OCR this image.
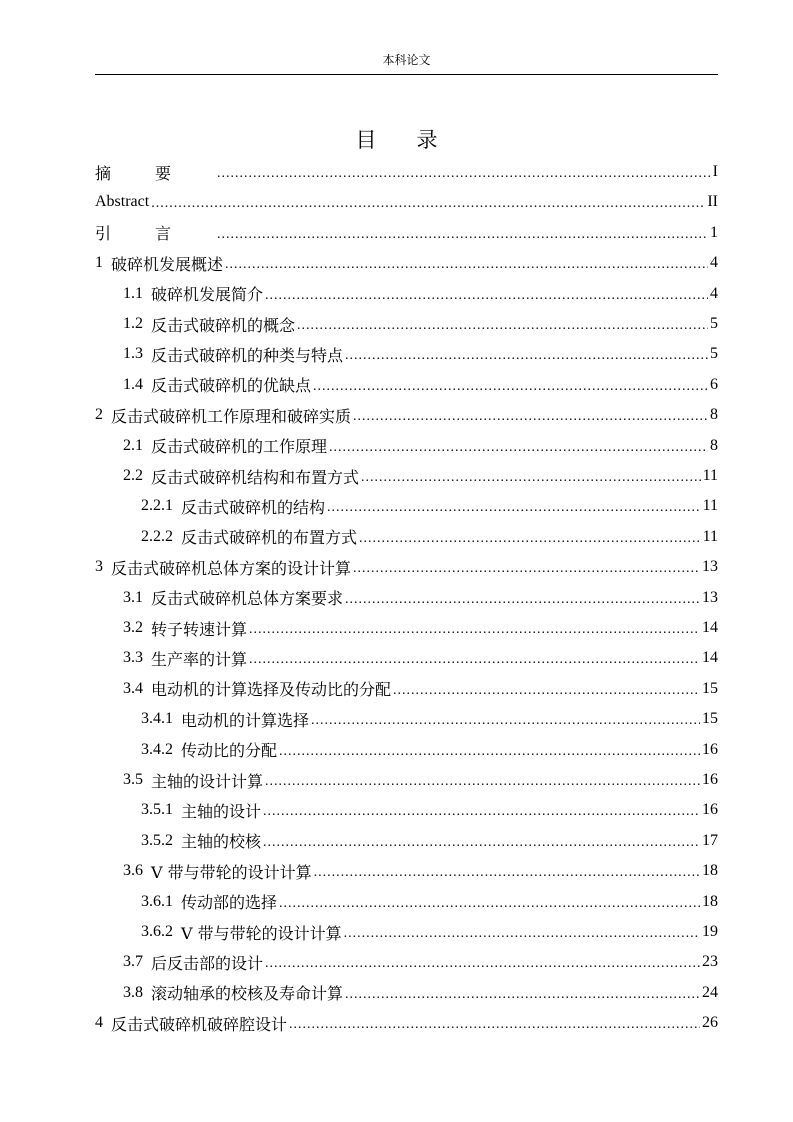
本科论文
目录
摘要 .....	I
Abstract .....	II
引言 .....	1
1 破碎机发展概述 .....	4
1.1 破碎机发展简介 .....	4
1.2 反击式破碎机的概念 .....	5
1.3 反击式破碎机的种类与特点 .....	5
1.4 反击式破碎机的优缺点 .....	6
2 反击式破碎机工作原理和破碎实质 .....	8
2.1 反击式破碎机的工作原理 .....	8
2.2 反击式破碎机结构和布置方式 .....	11
2.2.1 反击式破碎机的结构 .....	11
2.2.2 反击式破碎机的布置方式 .....	11
3 反击式破碎机总体方案的设计计算 .....	13
3.1 反击式破碎机总体方案要求 .....	13
3.2 转子转速计算 .....	14
3.3 生产率的计算 .....	14
3.4 电动机的计算选择及传动比的分配 .....	15
3.4.1 电动机的计算选择 .....	15
3.4.2 传动比的分配 .....	16
3.5 主轴的设计计算 .....	16
3.5.1 主轴的设计 .....	16
3.5.2 主轴的校核 .....	17
3.6 V 带与带轮的设计计算 .....	18
3.6.1 传动部的选择 .....	18
3.6.2 V 带与带轮的设计计算 .....	19
3.7 后反击部的设计 .....	23
3.8 滚动轴承的校核及寿命计算 .....	24
4 反击式破碎机破碎腔设计 .....	26
